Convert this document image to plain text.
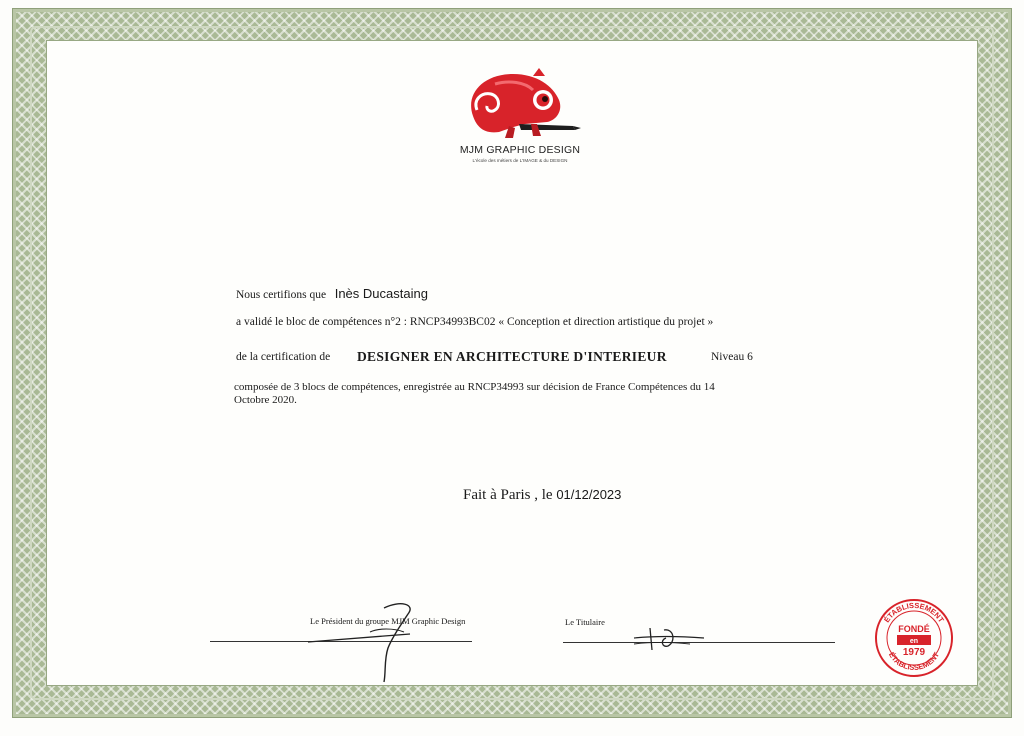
MJM GRAPHIC DESIGN
L'école des métiers de L'IMAGE & du DESIGN
Nous certifions que Inès Ducastaing
a validé le bloc de compétences n°2 : RNCP34993BC02 « Conception et direction artistique du projet »
de la certification de DESIGNER EN ARCHITECTURE D'INTERIEUR	Niveau 6
composée de 3 blocs de compétences, enregistrée au RNCP34993 sur décision de France Compétences du 14
Octobre 2020.
Fait à Paris , le 01/12/2023
Le Président du groupe MJM Graphic Design	Le Titulaire	ÉTABLISSEMENT
ÉTABLISSEMENT
FONDÉ
en
1979
